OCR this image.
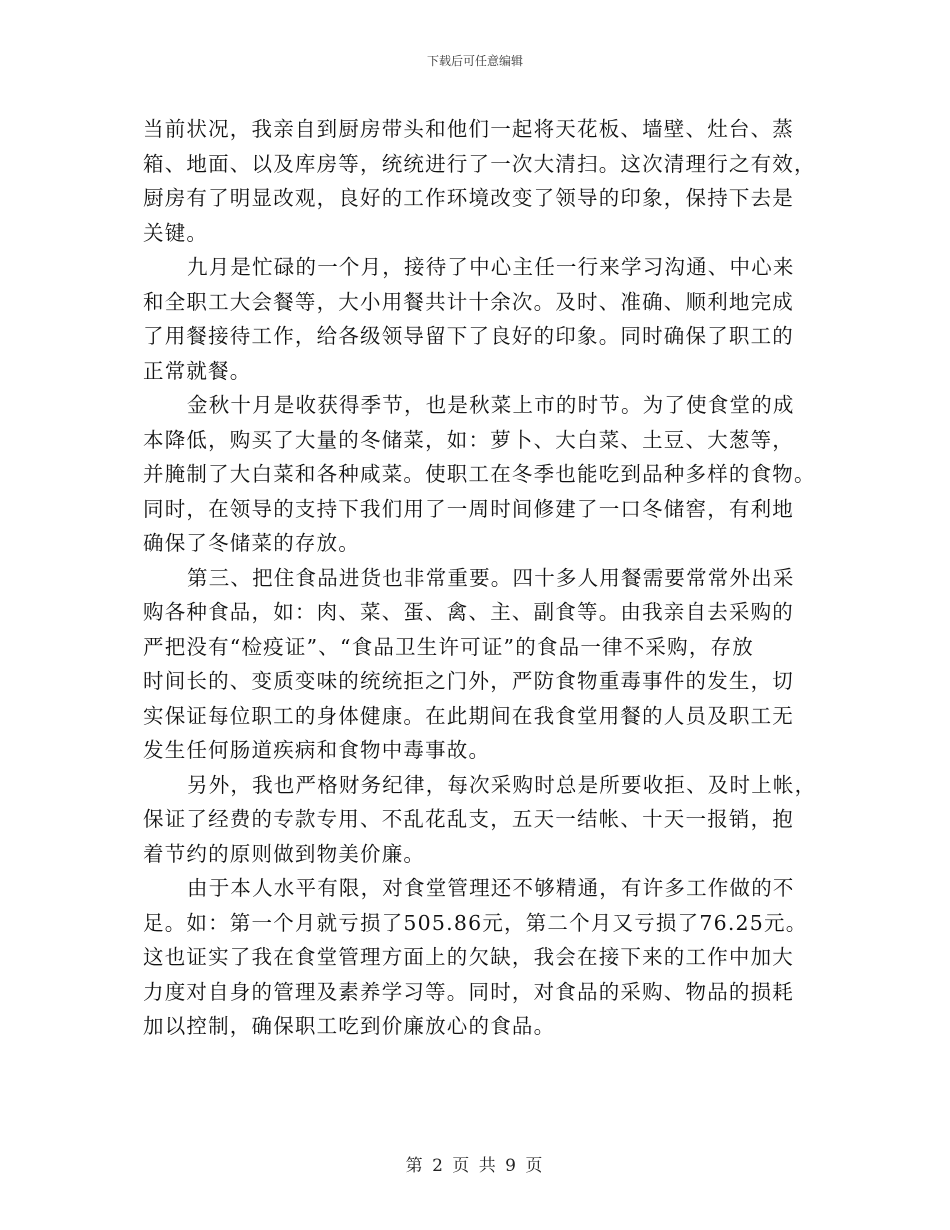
下载后可任意编辑
当前状况，我亲自到厨房带头和他们一起将天花板、墙壁、灶台、蒸
箱、地面、以及库房等，统统进行了一次大清扫。这次清理行之有效，
厨房有了明显改观，良好的工作环境改变了领导的印象，保持下去是
关键。
九月是忙碌的一个月，接待了中心主任一行来学习沟通、中心来
和全职工大会餐等，大小用餐共计十余次。及时、准确、顺利地完成
了用餐接待工作，给各级领导留下了良好的印象。同时确保了职工的
正常就餐。
金秋十月是收获得季节，也是秋菜上市的时节。为了使食堂的成
本降低，购买了大量的冬储菜，如：萝卜、大白菜、土豆、大葱等，
并腌制了大白菜和各种咸菜。使职工在冬季也能吃到品种多样的食物。
同时，在领导的支持下我们用了一周时间修建了一口冬储窖，有利地
确保了冬储菜的存放。
第三、把住食品进货也非常重要。四十多人用餐需要常常外出采
购各种食品，如：肉、菜、蛋、禽、主、副食等。由我亲自去采购的
严把没有“检疫证”、“食品卫生许可证”的食品一律不采购，存放
时间长的、变质变味的统统拒之门外，严防食物重毒事件的发生，切
实保证每位职工的身体健康。在此期间在我食堂用餐的人员及职工无
发生任何肠道疾病和食物中毒事故。
另外，我也严格财务纪律，每次采购时总是所要收拒、及时上帐，
保证了经费的专款专用、不乱花乱支，五天一结帐、十天一报销，抱
着节约的原则做到物美价廉。
由于本人水平有限，对食堂管理还不够精通，有许多工作做的不
足。如：第一个月就亏损了505.86元，第二个月又亏损了76.25元。
这也证实了我在食堂管理方面上的欠缺，我会在接下来的工作中加大
力度对自身的管理及素养学习等。同时，对食品的采购、物品的损耗
加以控制，确保职工吃到价廉放心的食品。
第 2 页 共 9 页
